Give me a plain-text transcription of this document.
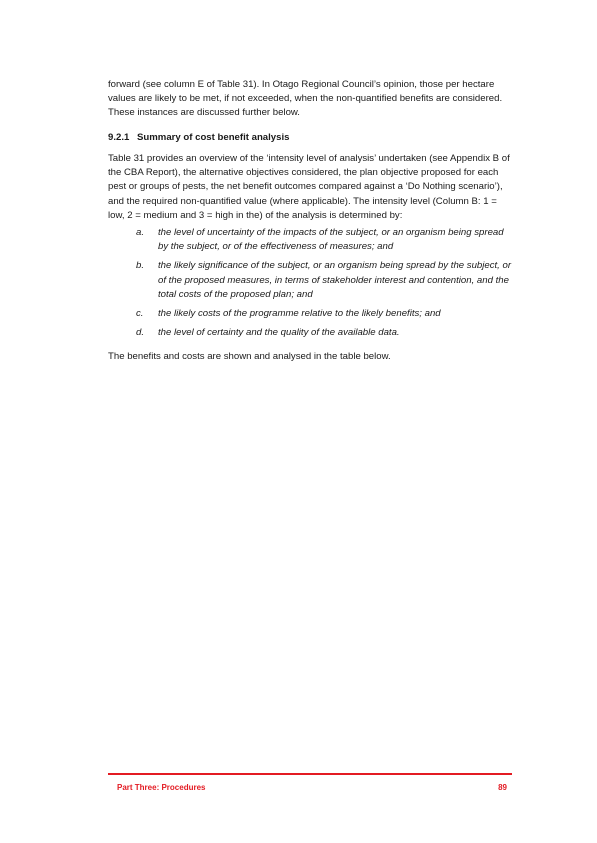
forward (see column E of Table 31). In Otago Regional Council’s opinion, those per hectare values are likely to be met, if not exceeded, when the non-quantified benefits are considered. These instances are discussed further below.

9.2.1 Summary of cost benefit analysis

Table 31 provides an overview of the ‘intensity level of analysis’ undertaken (see Appendix B of the CBA Report), the alternative objectives considered, the plan objective proposed for each pest or groups of pests, the net benefit outcomes compared against a ‘Do Nothing scenario’), and the required non-quantified value (where applicable). The intensity level (Column B: 1 = low, 2 = medium and 3 = high in the) of the analysis is determined by:

a. the level of uncertainty of the impacts of the subject, or an organism being spread by the subject, or of the effectiveness of measures; and
b. the likely significance of the subject, or an organism being spread by the subject, or of the proposed measures, in terms of stakeholder interest and contention, and the total costs of the proposed plan; and
c. the likely costs of the programme relative to the likely benefits; and
d. the level of certainty and the quality of the available data.

The benefits and costs are shown and analysed in the table below.

Part Three: Procedures	89
